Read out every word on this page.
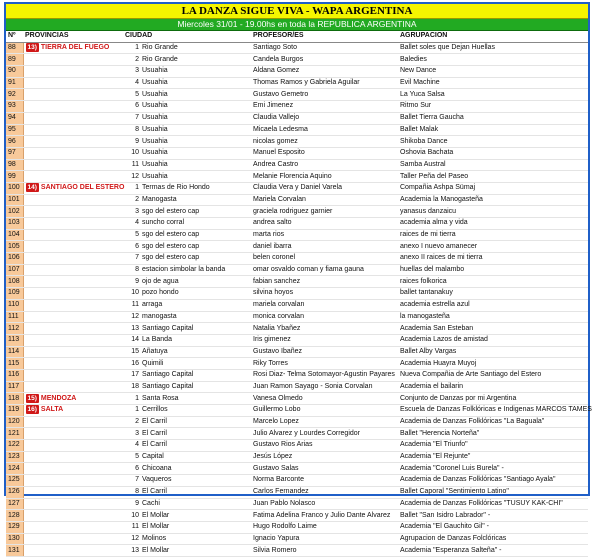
LA DANZA SIGUE VIVA - WAPA ARGENTINA
Miercoles 31/01 - 19.00hs en toda la REPUBLICA ARGENTINA
Nº	PROVINCIAS	CIUDAD	PROFESOR/ES	AGRUPACION
88	13) TIERRA DEL FUEGO	1 Rio Grande	Santiago Soto	Ballet soles que Dejan Huellas
89		2 Rio Grande	Candela Burgos	Baledies
90		3 Usuahia	Aldana Gomez	New Dance
91		4 Usuahia	Thomas Ramos y Gabriela Aguilar	Evil Machine
92		5 Usuahia	Gustavo Gemetro	La Yuca Salsa
93		6 Usuahia	Emi Jimenez	Ritmo Sur
94		7 Usuahia	Claudia Vallejo	Ballet Tierra Gaucha
95		8 Usuahia	Micaela Ledesma	Ballet Malak
96		9 Usuahia	nicolas gomez	Shikoba Dance
97		10 Usuahia	Manuel Esposito	Oshovia Bachata
98		11 Usuahia	Andrea Castro	Samba Austral
99		12 Usuahia	Melanie Florencia Aquino	Taller Peña del Paseo
100	14) SANTIAGO DEL ESTERO	1 Termas de Rio Hondo	Claudia Vera y Daniel Varela	Compañia Ashpa Sümaj
101		2 Manogasta	Mariela Corvalan	Academia la Manogasteña
102		3 sgo del estero cap	graciela rodriguez garnier	yanasus danzaicu
103		4 suncho corral	andrea salto	academia alma y vida
104		5 sgo del estero cap	marta rios	raices de mi tierra
105		6 sgo del estero cap	daniel ibarra	anexo I nuevo amanecer
106		7 sgo del estero cap	belen coronel	anexo II raices de mi tierra
107		8 estacion simbolar la banda	omar osvaldo coman y fiama gauna	huellas del malambo
108		9 ojo de agua	fabian sanchez	raices folkorica
109		10 pozo hondo	silvina hoyos	ballet tantanakuy
110		11 arraga	mariela corvalan	academia estrella azul
111		12 manogasta	monica corvalan	la manogasteña
112		13 Santiago Capital	Natalia Ybañez	Academia San Esteban
113		14 La Banda	Iris gimenez	Academia Lazos de amistad
114		15 Añatuya	Gustavo Ibañez	Ballet Alby Vargas
115		16 Quimili	Riky Torres	Academia Huayra Muyoj
116		17 Santiago Capital	Rosi Diaz- Telma Sotomayor-Agustin Payares	Nueva Compañia de Arte Santiago del Estero
117		18 Santiago Capital	Juan Ramon Sayago - Sonia Corvalan	Academia el bailarin
118	15) MENDOZA	1 Santa Rosa	Vanesa Olmedo	Conjunto de Danzas por mi Argentina
119	16) SALTA	1 Cerrillos	Guillermo Lobo	Escuela de Danzas Folklóricas e Indigenas MARCOS TAMES
120		2 El Carril	Marcelo Lopez	Academia de Danzas Folklóricas "La Baguala"
121		3 El Carril	Julio Alvarez y Lourdes Corregidor	Ballet "Herencia Norteña"
122		4 El Carril	Gustavo Rios Arias	Academia "El Triunfo"
123		5 Capital	Jesús López	Academia "El Rejunte"
124		6 Chicoana	Gustavo Salas	Academia "Coronel Luis Burela" -
125		7 Vaqueros	Norma Barconte	Academia de Danzas Folklóricas "Santiago Ayala"
126		8 El Carril	Carlos Fernandez	Ballet Caporal "Sentimiento Latino"
127		9 Cachi	Juan Pablo Nolasco	Academia de Danzas Folklóricas "TUSUY KAK-CHI"
128		10 El Mollar	Fatima Adelina Franco y Julio Dante Alvarez	Ballet "San Isidro Labrador" -
129		11 El Mollar	Hugo Rodolfo Laime	Academia "El Gauchito Gil" -
130		12 Molinos	Ignacio Yapura	Agrupacion de Danzas Folclóricas
131		13 El Mollar	Silvia Romero	Academia "Esperanza Salteña" -
